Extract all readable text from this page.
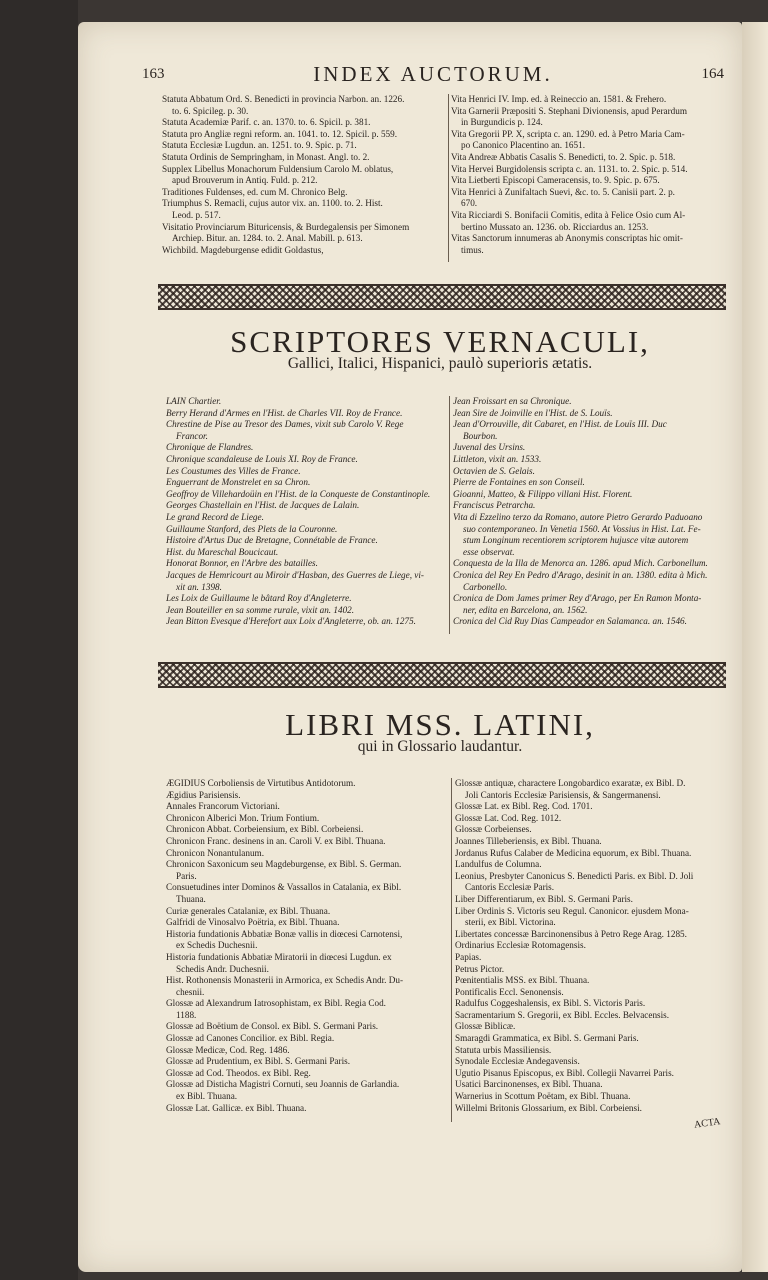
163	INDEX AUCTORUM.	164
Statuta Abbatum Ord. S. Benedicti in provincia Narbon. an. 1226.
to. 6. Spicileg. p. 30.
Statuta Academiæ Parif. c. an. 1370. to. 6. Spicil. p. 381.
Statuta pro Angliæ regni reform. an. 1041. to. 12. Spicil. p. 559.
Statuta Ecclesiæ Lugdun. an. 1251. to. 9. Spic. p. 71.
Statuta Ordinis de Sempringham, in Monast. Angl. to. 2.
Supplex Libellus Monachorum Fuldensium Carolo M. oblatus,
apud Brouverum in Antiq. Fuld. p. 212.
Traditiones Fuldenses, ed. cum M. Chronico Belg.
Triumphus S. Remacli, cujus autor vix. an. 1100. to. 2. Hist.
Leod. p. 517.
Visitatio Provinciarum Bituricensis, & Burdegalensis per Simonem
Archiep. Bitur. an. 1284. to. 2. Anal. Mabill. p. 613.
Wichbild. Magdeburgense edidit Goldastus,
Vita Henrici IV. Imp. ed. à Reineccio an. 1581. & Frehero.
Vita Garnerii Præpositi S. Stephani Divionensis, apud Perardum
in Burgundicis p. 124.
Vita Gregorii PP. X, scripta c. an. 1290. ed. à Petro Maria Cam-
po Canonico Placentino an. 1651.
Vita Andreæ Abbatis Casalis S. Benedicti, to. 2. Spic. p. 518.
Vita Hervei Burgidolensis scripta c. an. 1131. to. 2. Spic. p. 514.
Vita Lietberti Episcopi Cameracensis, to. 9. Spic. p. 675.
Vita Henrici à Zunifaltach Suevi, &c. to. 5. Canisii part. 2. p.
670.
Vita Ricciardi S. Bonifacii Comitis, edita à Felice Osio cum Al-
bertino Mussato an. 1236. ob. Ricciardus an. 1253.
Vitas Sanctorum innumeras ab Anonymis conscriptas hic omit-
timus.
SCRIPTORES VERNACULI,
Gallici, Italici, Hispanici, paulò superioris ætatis.
LAIN Chartier.
Berry Herand d'Armes en l'Hist. de Charles VII. Roy de France.
Chrestine de Pise au Tresor des Dames, vixit sub Carolo V. Rege
Francor.
Chronique de Flandres.
Chronique scandaleuse de Louis XI. Roy de France.
Les Coustumes des Villes de France.
Enguerrant de Monstrelet en sa Chron.
Geoffroy de Villehardoüin en l'Hist. de la Conqueste de Constantinople.
Georges Chastellain en l'Hist. de Jacques de Lalain.
Le grand Record de Liege.
Guillaume Stanford, des Plets de la Couronne.
Histoire d'Artus Duc de Bretagne, Connétable de France.
Hist. du Mareschal Boucicaut.
Honorat Bonnor, en l'Arbre des batailles.
Jacques de Hemricourt au Miroir d'Hasban, des Guerres de Liege, vi-
xit an. 1398.
Les Loix de Guillaume le bâtard Roy d'Angleterre.
Jean Bouteiller en sa somme rurale, vixit an. 1402.
Jean Bitton Evesque d'Herefort aux Loix d'Angleterre, ob. an. 1275.
Jean Froissart en sa Chronique.
Jean Sire de Joinville en l'Hist. de S. Louïs.
Jean d'Orrouville, dit Cabaret, en l'Hist. de Louïs III. Duc
Bourbon.
Juvenal des Ursins.
Littleton, vixit an. 1533.
Octavien de S. Gelais.
Pierre de Fontaines en son Conseil.
Gioanni, Matteo, & Filippo villani Hist. Florent.
Franciscus Petrarcha.
Vita di Ezzelino terzo da Romano, autore Pietro Gerardo Paduoano
suo contemporaneo. In Venetia 1560. At Vossius in Hist. Lat. Fe-
stum Longinum recentiorem scriptorem hujusce vitæ autorem
esse observat.
Conquesta de la Illa de Menorca an. 1286. apud Mich. Carbonellum.
Cronica del Rey En Pedro d'Arago, desinit in an. 1380. edita à Mich.
Carbonello.
Cronica de Dom James primer Rey d'Arago, per En Ramon Monta-
ner, edita en Barcelona, an. 1562.
Cronica del Cid Ruy Dias Campeador en Salamanca. an. 1546.
LIBRI MSS. LATINI,
qui in Glossario laudantur.
ÆGIDIUS Corboliensis de Virtutibus Antidotorum.
Ægidius Parisiensis.
Annales Francorum Victoriani.
Chronicon Alberici Mon. Trium Fontium.
Chronicon Abbat. Corbeiensium, ex Bibl. Corbeiensi.
Chronicon Franc. desinens in an. Caroli V. ex Bibl. Thuana.
Chronicon Nonantulanum.
Chronicon Saxonicum seu Magdeburgense, ex Bibl. S. German.
Paris.
Consuetudines inter Dominos & Vassallos in Catalania, ex Bibl.
Thuana.
Curiæ generales Catalaniæ, ex Bibl. Thuana.
Galfridi de Vinosalvo Poëtria, ex Bibl. Thuana.
Historia fundationis Abbatiæ Bonæ vallis in diœcesi Carnotensi,
ex Schedis Duchesnii.
Historia fundationis Abbatiæ Miratorii in diœcesi Lugdun. ex
Schedis Andr. Duchesnii.
Hist. Rothonensis Monasterii in Armorica, ex Schedis Andr. Du-
chesnii.
Glossæ ad Alexandrum Iatrosophistam, ex Bibl. Regia Cod.
1188.
Glossæ ad Boëtium de Consol. ex Bibl. S. Germani Paris.
Glossæ ad Canones Concilior. ex Bibl. Regia.
Glossæ Medicæ, Cod. Reg. 1486.
Glossæ ad Prudentium, ex Bibl. S. Germani Paris.
Glossæ ad Cod. Theodos. ex Bibl. Reg.
Glossæ ad Disticha Magistri Cornuti, seu Joannis de Garlandia.
ex Bibl. Thuana.
Glossæ Lat. Gallicæ. ex Bibl. Thuana.
Glossæ antiquæ, charactere Longobardico exaratæ, ex Bibl. D.
Joli Cantoris Ecclesiæ Parisiensis, & Sangermanensi.
Glossæ Lat. ex Bibl. Reg. Cod. 1701.
Glossæ Lat. Cod. Reg. 1012.
Glossæ Corbeienses.
Joannes Tilleberiensis, ex Bibl. Thuana.
Jordanus Rufus Calaber de Medicina equorum, ex Bibl. Thuana.
Landulfus de Columna.
Leonius, Presbyter Canonicus S. Benedicti Paris. ex Bibl. D. Joli
Cantoris Ecclesiæ Paris.
Liber Differentiarum, ex Bibl. S. Germani Paris.
Liber Ordinis S. Victoris seu Regul. Canonicor. ejusdem Mona-
sterii, ex Bibl. Victorina.
Libertates concessæ Barcinonensibus à Petro Rege Arag. 1285.
Ordinarius Ecclesiæ Rotomagensis.
Papias.
Petrus Pictor.
Pœnitentialis MSS. ex Bibl. Thuana.
Pontificalis Eccl. Senonensis.
Radulfus Coggeshalensis, ex Bibl. S. Victoris Paris.
Sacramentarium S. Gregorii, ex Bibl. Eccles. Belvacensis.
Glossæ Biblicæ.
Smaragdi Grammatica, ex Bibl. S. Germani Paris.
Statuta urbis Massiliensis.
Synodale Ecclesiæ Andegavensis.
Ugutio Pisanus Episcopus, ex Bibl. Collegii Navarrei Paris.
Usatici Barcinonenses, ex Bibl. Thuana.
Warnerius in Scottum Poëtam, ex Bibl. Thuana.
Willelmi Britonis Glossarium, ex Bibl. Corbeiensi.
ACTA
